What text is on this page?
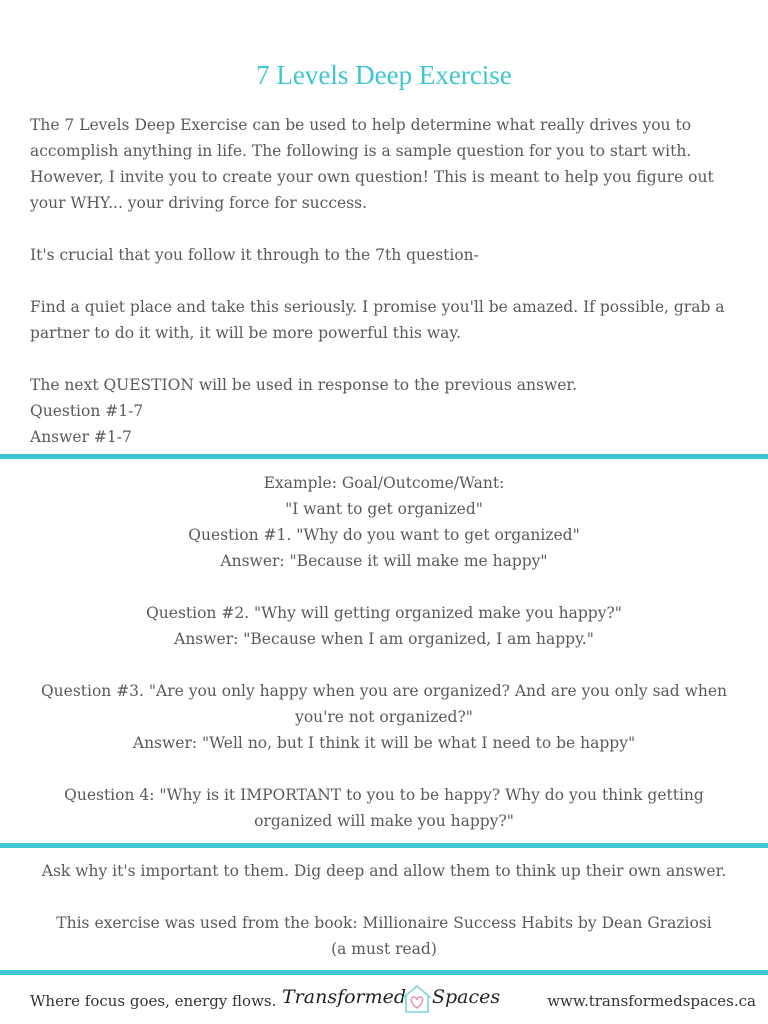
7 Levels Deep Exercise

The 7 Levels Deep Exercise can be used to help determine what really drives you to accomplish anything in life. The following is a sample question for you to start with. However, I invite you to create your own question! This is meant to help you figure out your WHY... your driving force for success.

It's crucial that you follow it through to the 7th question-

Find a quiet place and take this seriously. I promise you'll be amazed. If possible, grab a partner to do it with, it will be more powerful this way.

The next QUESTION will be used in response to the previous answer.
Question #1-7
Answer #1-7

Example: Goal/Outcome/Want:
"I want to get organized"
Question #1. "Why do you want to get organized"
Answer: "Because it will make me happy"

Question #2. "Why will getting organized make you happy?"
Answer: "Because when I am organized, I am happy."

Question #3. "Are you only happy when you are organized? And are you only sad when
you're not organized?"
Answer: "Well no, but I think it will be what I need to be happy"

Question 4: "Why is it IMPORTANT to you to be happy? Why do you think getting
organized will make you happy?"

Ask why it's important to them. Dig deep and allow them to think up their own answer.

This exercise was used from the book: Millionaire Success Habits by Dean Graziosi
(a must read)

Where focus goes, energy flows. Transformed Spaces	www.transformedspaces.ca
